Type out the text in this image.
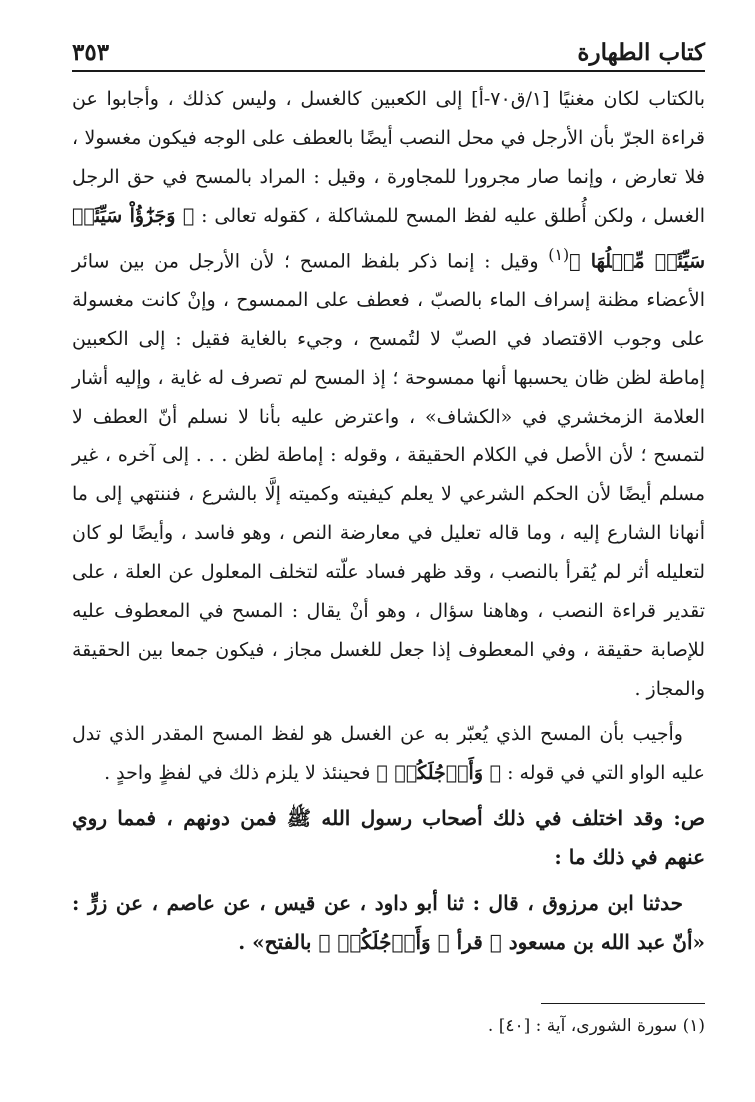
كتاب الطهارة
٣٥٣

بالكتاب لكان مغنيًا [١/ق٧٠-أ] إلى الكعبين كالغسل ، وليس كذلك ، وأجابوا عن قراءة الجرّ بأن الأرجل في محل النصب أيضًا بالعطف على الوجه فيكون مغسولا ، فلا تعارض ، وإنما صار مجرورا للمجاورة ، وقيل : المراد بالمسح في حق الرجل الغسل ، ولكن أُطلق عليه لفظ المسح للمشاكلة ، كقوله تعالى : ﴿ وَجَزَٰٓؤُاْ سَيِّئَةٖ سَيِّئَةٞ مِّثۡلُهَا ﴾$^{(١)}$ وقيل : إنما ذكر بلفظ المسح ؛ لأن الأرجل من بين سائر الأعضاء مظنة إسراف الماء بالصبّ ، فعطف على الممسوح ، وإنْ كانت مغسولة على وجوب الاقتصاد في الصبّ لا لتُمسح ، وجيء بالغاية فقيل : إلى الكعبين إماطة لظن ظان يحسبها أنها ممسوحة ؛ إذ المسح لم تصرف له غاية ، وإليه أشار العلامة الزمخشري في «الكشاف» ، واعترض عليه بأنا لا نسلم أنّ العطف لا لتمسح ؛ لأن الأصل في الكلام الحقيقة ، وقوله : إماطة لظن . . . إلى آخره ، غير مسلم أيضًا لأن الحكم الشرعي لا يعلم كيفيته وكميته إلَّا بالشرع ، فننتهي إلى ما أنهانا الشارع إليه ، وما قاله تعليل في معارضة النص ، وهو فاسد ، وأيضًا لو كان لتعليله أثر لم يُقرأ بالنصب ، وقد ظهر فساد علّته لتخلف المعلول عن العلة ، على تقدير قراءة النصب ، وهاهنا سؤال ، وهو أنْ يقال : المسح في المعطوف عليه للإصابة حقيقة ، وفي المعطوف إذا جعل للغسل مجاز ، فيكون جمعا بين الحقيقة والمجاز .

وأجيب بأن المسح الذي يُعبّر به عن الغسل هو لفظ المسح المقدر الذي تدل عليه الواو التي في قوله : ﴿ وَأَرۡجُلَكُمۡ ﴾ فحينئذ لا يلزم ذلك في لفظٍ واحدٍ .

ص: وقد اختلف في ذلك أصحاب رسول الله ﷺ فمن دونهم ، فمما روي عنهم في ذلك ما :

حدثنا ابن مرزوق ، قال : ثنا أبو داود ، عن قيس ، عن عاصم ، عن زرٍّ : «أنّ عبد الله بن مسعود ؓ قرأ ﴿ وَأَرۡجُلَكُمۡ ﴾ بالفتح» .

(١) سورة الشورى، آية : [٤٠] .
